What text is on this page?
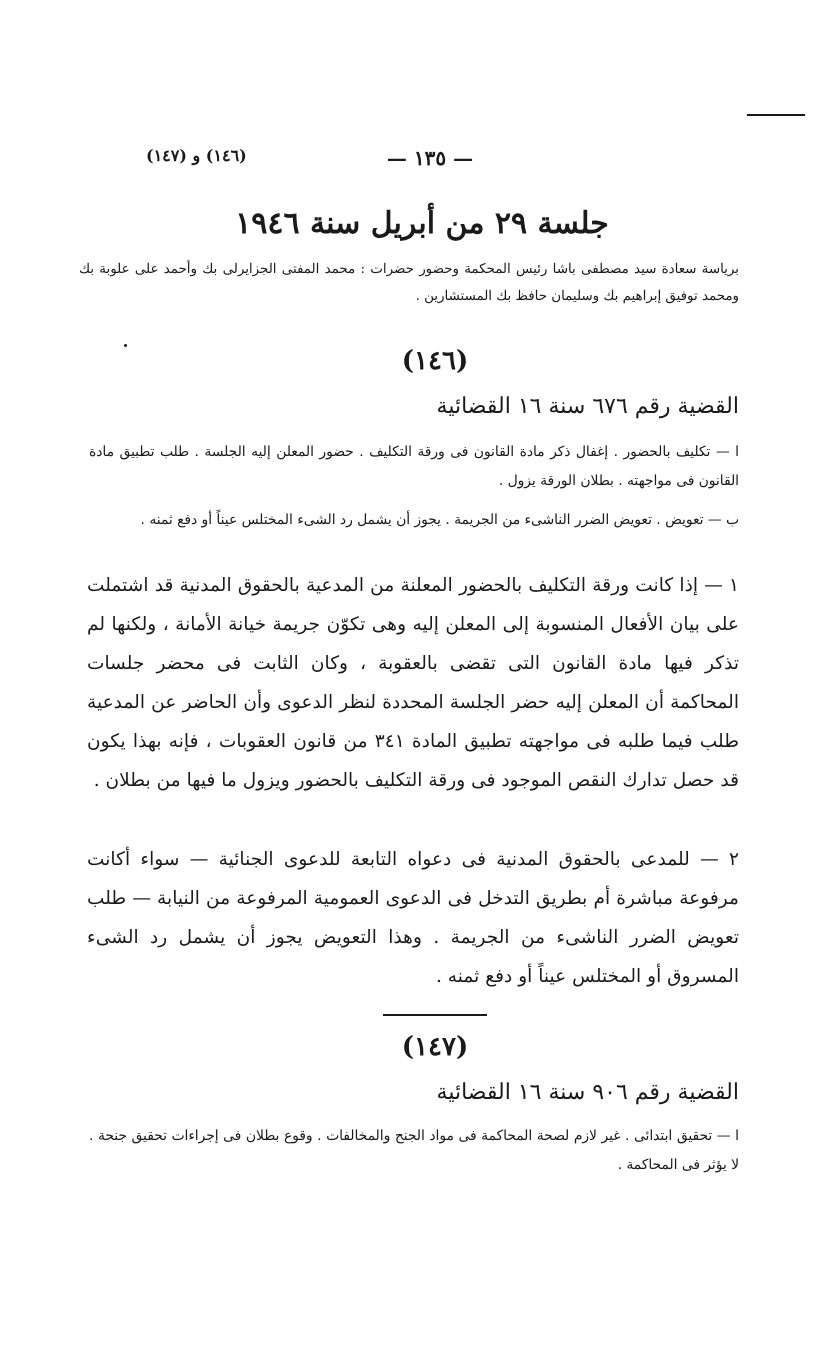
— ١٣٥ —
(١٤٦) و (١٤٧)
جلسة ٢٩ من أبريل سنة ١٩٤٦
برياسة سعادة سيد مصطفى باشا رئيس المحكمة وحضور حضرات : محمد المفتى الجزايرلى بك وأحمد على علوبة بك ومحمد توفيق إبراهيم بك وسليمان حافظ بك المستشارين .
(١٤٦)
القضية رقم ٦٧٦ سنة ١٦ القضائية
ا — تكليف بالحضور . إغفال ذكر مادة القانون فى ورقة التكليف . حضور المعلن إليه الجلسة . طلب تطبيق مادة القانون فى مواجهته . بطلان الورقة يزول .
ب — تعويض . تعويض الضرر الناشىء من الجريمة . يجوز أن يشمل رد الشىء المختلس عيناً أو دفع ثمنه .
١ — إذا كانت ورقة التكليف بالحضور المعلنة من المدعية بالحقوق المدنية قد اشتملت على بيان الأفعال المنسوبة إلى المعلن إليه وهى تكوّن جريمة خيانة الأمانة ، ولكنها لم تذكر فيها مادة القانون التى تقضى بالعقوبة ، وكان الثابت فى محضر جلسات المحاكمة أن المعلن إليه حضر الجلسة المحددة لنظر الدعوى وأن الحاضر عن المدعية طلب فيما طلبه فى مواجهته تطبيق المادة ٣٤١ من قانون العقوبات ، فإنه بهذا يكون قد حصل تدارك النقص الموجود فى ورقة التكليف بالحضور ويزول ما فيها من بطلان .
٢ — للمدعى بالحقوق المدنية فى دعواه التابعة للدعوى الجنائية — سواء أكانت مرفوعة مباشرة أم بطريق التدخل فى الدعوى العمومية المرفوعة من النيابة — طلب تعويض الضرر الناشىء من الجريمة . وهذا التعويض يجوز أن يشمل رد الشىء المسروق أو المختلس عيناً أو دفع ثمنه .
(١٤٧)
القضية رقم ٩٠٦ سنة ١٦ القضائية
ا — تحقيق ابتدائى . غير لازم لصحة المحاكمة فى مواد الجنح والمخالفات . وقوع بطلان فى إجراءات تحقيق جنحة . لا يؤثر فى المحاكمة .
